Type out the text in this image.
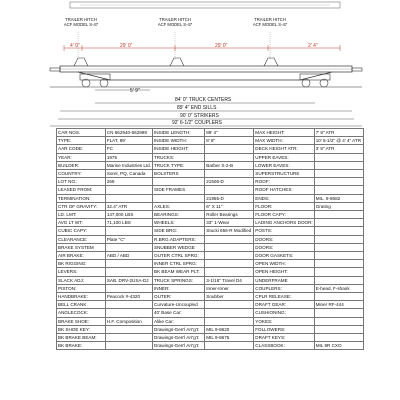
TRAILER HITCH
ACF MODEL S-47
TRAILER HITCH
ACF MODEL S-47
TRAILER HITCH
ACF MODEL S-47
4' 0"	29' 0"	29' 0"	2' 4"
5' 9"
84' 0" TRUCK CENTERS
89' 4" END SILLS
90' 0" STRIKERS
92' 6-1/2" COUPLERS
CAR NOS.	CN 662940-662999	INSIDE LENGTH:	89' 4"	MAX HEIGHT:	7' 9" ATR
TYPE:	FLAT, 89'	INSIDE WIDTH:	8' 8"	MAX WIDTH:	10' 5-1/2" @ 4' 4" ATR
AAR CODE:	FC	INSIDE HEIGHT:		DECK HEIGHT ATR:	3' 8" ATR
YEAR:	1975	TRUCKS:		UPPER EAVES:	
BUILDER:	Marine Industries Ltd.	TRUCK TYPE:	Barber S-2-B	LOWER EAVES:	
COUNTRY:	Sorel, PQ, Canada	BOLSTERS		SUPERSTRUCTURE	
LOT NO.:	269		21506-D	ROOF:	
LEASED FROM:		SIDE FRAMES		ROOF HATCHES:	
TERMINATION:			21955-D	ENDS:	MIL. 9-8682
CTR OF GRAVITY:	32.4" ATR	AXLES:	6" X 11"	FLOOR:	Grating
LD. LMT:	147,000 LBS	BEARINGS:	Roller Bearings	FLOOR CAPY:	
AVG LT WT:	71,100 LBS	WHEELS:	33" 1-Wear	LADING ANCHORS DOOR:	
CUBIC CAPY:		SIDE BRG:	Stucki 656-R Modified	POSTS:	
CLEARANCE:	Plate "C"	R.BRG.ADAPTERS:		DOORS:	
BRAKE SYSTEM		SNUBBER WEDGE		DOORS:	
AIR BRAKE:	ABD / ABD	OUTER CTRL SPRG:		DOOR GASKETS:	
BK RIGGING:		INNER CTRL SPRG:		OPEN WIDTH:	
LEVERS:		BK BEAM WEAR PLT:		OPEN HEIGHT:	
SLACK ADJ:	SAB. DRV-2USA-DJ	TRUCK SPRINGS:	3-1/16" Travel D4	UNDERFRAME	
PISTON:		INNER:	Inner-Inner	COUPLERS:	E-head, F-shank
HANDBRAKE:	Peacock #-4320	OUTER:	Snubber	CPLR RELEASE:	
BELL CRANK		Curvature-Uncoupled		DRAFT GEAR:	Miner RF-444
ANGLECOCK:		40' Base Car:		CUSHIONING:	
BRAKE SHOE:	H.F. Composition	Alike Car:		YOKES:	
BK SHOE KEY:		Drawings-Gen'l Arr'g't:	MIL 9-8620	FOLLOWERS:	
BK BRAKE BEAM:		Drawings-Gen'l Arr'g't:	MIL 9-8675	DRAFT KEYS:	
BK BRAKE:		Drawings-Gen'l Arr'g't:		CLASSBOOK:	MIL 9R CXO
